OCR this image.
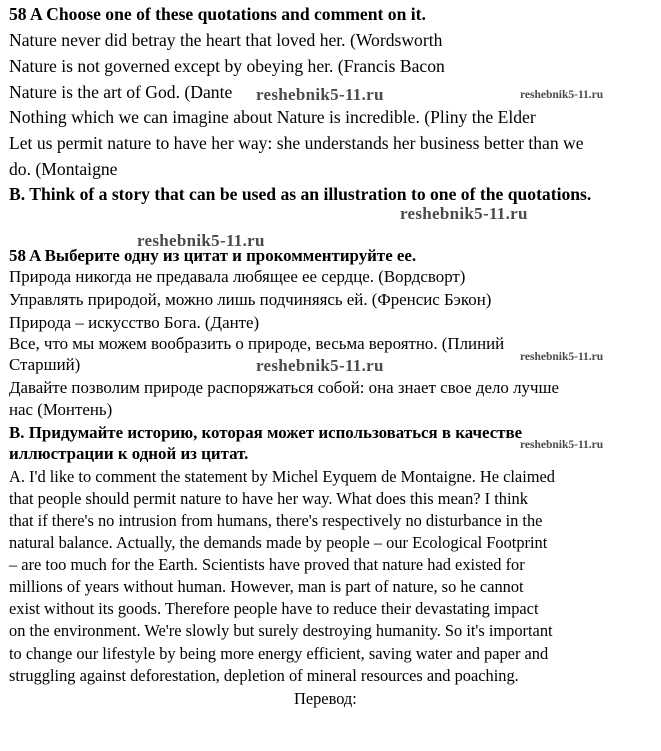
58 A Choose one of these quotations and comment on it.
Nature never did betray the heart that loved her. (Wordsworth
Nature is not governed except by obeying her. (Francis Bacon
Nature is the art of God. (Dante
Nothing which we can imagine about Nature is incredible. (Pliny the Elder
Let us permit nature to have her way: she understands her business better than we
do. (Montaigne
B. Think of a story that can be used as an illustration to one of the quotations.
58 A Выберите одну из цитат и прокомментируйте ее.
Природа никогда не предавала любящее ее сердце. (Вордсворт)
Управлять природой, можно лишь подчиняясь ей. (Френсис Бэкон)
Природа – искусство Бога. (Данте)
Все, что мы можем вообразить о природе, весьма вероятно. (Плиний
Старший)
Давайте позволим природе распоряжаться собой: она знает свое дело лучше
нас (Монтень)
B. Придумайте историю, которая может использоваться в качестве
иллюстрации к одной из цитат.
A. I'd like to comment the statement by Michel Eyquem de Montaigne. He claimed
that people should permit nature to have her way. What does this mean? I think
that if there's no intrusion from humans, there's respectively no disturbance in the
natural balance. Actually, the demands made by people – our Ecological Footprint
– are too much for the Earth. Scientists have proved that nature had existed for
millions of years without human. However, man is part of nature, so he cannot
exist without its goods. Therefore people have to reduce their devastating impact
on the environment. We're slowly but surely destroying humanity. So it's important
to change our lifestyle by being more energy efficient, saving water and paper and
struggling against deforestation, depletion of mineral resources and poaching.
Перевод:
reshebnik5-11.ru	reshebnik5-11.ru
reshebnik5-11.ru
reshebnik5-11.ru
reshebnik5-11.ru	reshebnik5-11.ru
reshebnik5-11.ru
